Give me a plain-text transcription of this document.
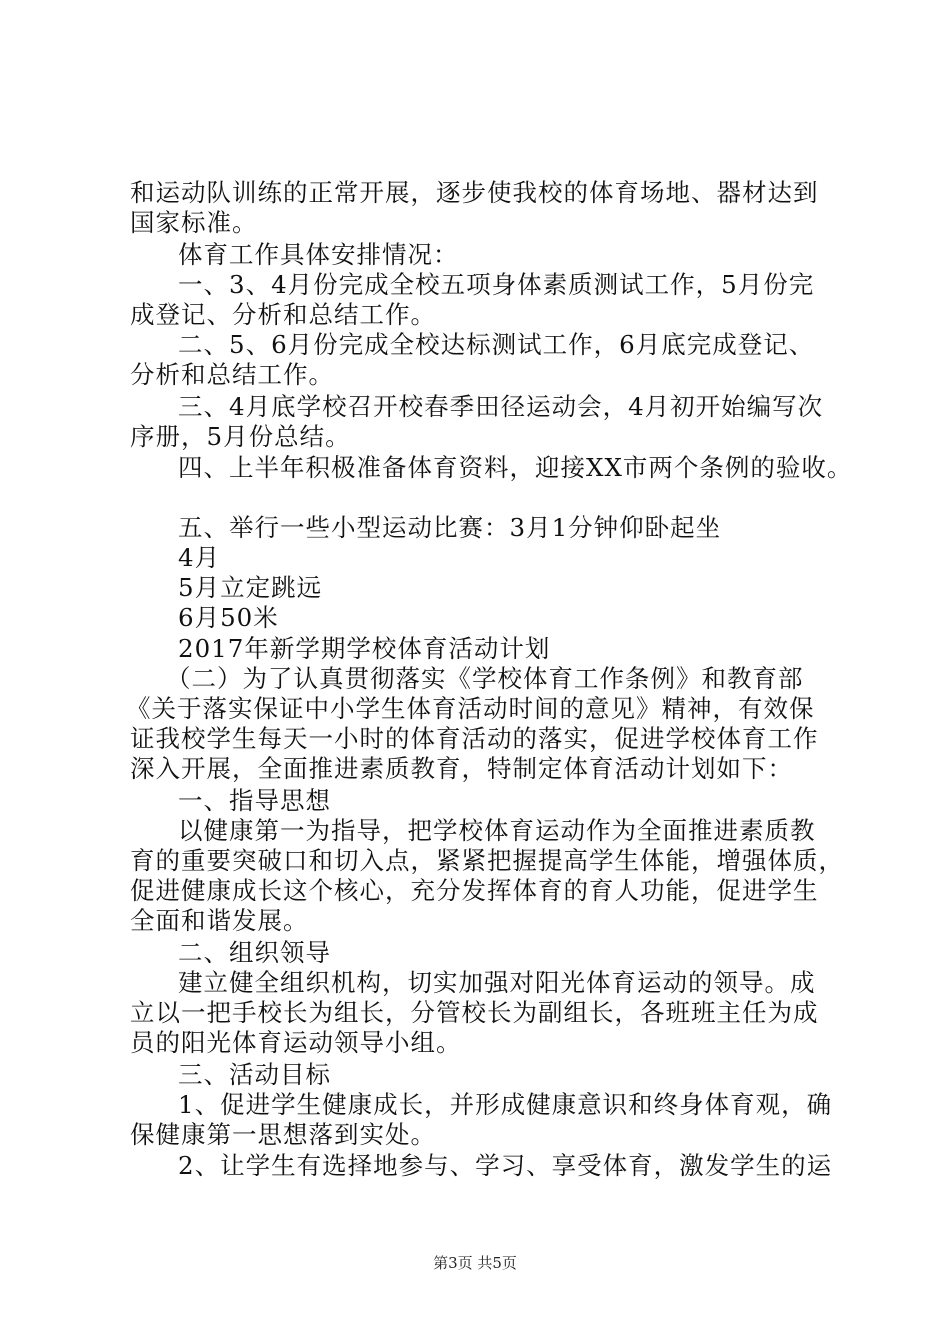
和运动队训练的正常开展，逐步使我校的体育场地、器材达到
国家标准。
体育工作具体安排情况：
一、3、4月份完成全校五项身体素质测试工作，5月份完
成登记、分析和总结工作。
二、5、6月份完成全校达标测试工作，6月底完成登记、
分析和总结工作。
三、4月底学校召开校春季田径运动会，4月初开始编写次
序册，5月份总结。
四、上半年积极准备体育资料，迎接XX市两个条例的验收。
五、举行一些小型运动比赛：3月1分钟仰卧起坐
4月
5月立定跳远
6月50米
2017年新学期学校体育活动计划
（二）为了认真贯彻落实《学校体育工作条例》和教育部
《关于落实保证中小学生体育活动时间的意见》精神，有效保
证我校学生每天一小时的体育活动的落实，促进学校体育工作
深入开展，全面推进素质教育，特制定体育活动计划如下：
一、指导思想
以健康第一为指导，把学校体育运动作为全面推进素质教
育的重要突破口和切入点，紧紧把握提高学生体能，增强体质，
促进健康成长这个核心，充分发挥体育的育人功能，促进学生
全面和谐发展。
二、组织领导
建立健全组织机构，切实加强对阳光体育运动的领导。成
立以一把手校长为组长，分管校长为副组长，各班班主任为成
员的阳光体育运动领导小组。
三、活动目标
1、促进学生健康成长，并形成健康意识和终身体育观，确
保健康第一思想落到实处。
2、让学生有选择地参与、学习、享受体育，激发学生的运
第3页 共5页
